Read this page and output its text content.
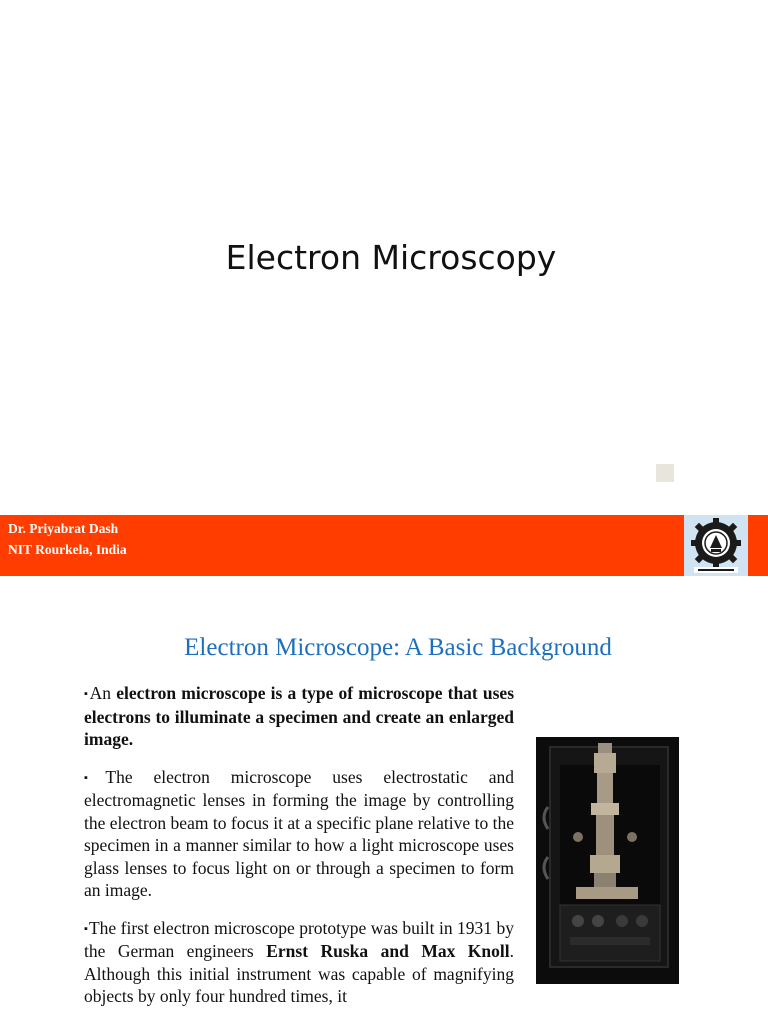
Electron Microscopy
Dr. Priyabrat Dash
NIT Rourkela, India
Electron Microscope: A Basic Background

▪An electron microscope is a type of microscope that uses electrons to illuminate a specimen and create an enlarged image.

▪The electron microscope uses electrostatic and electromagnetic lenses in forming the image by controlling the electron beam to focus it at a specific plane relative to the specimen in a manner similar to how a light microscope uses glass lenses to focus light on or through a specimen to form an image.

▪The first electron microscope prototype was built in 1931 by the German engineers Ernst Ruska and Max Knoll. Although this initial instrument was capable of magnifying objects by only four hundred times, it
